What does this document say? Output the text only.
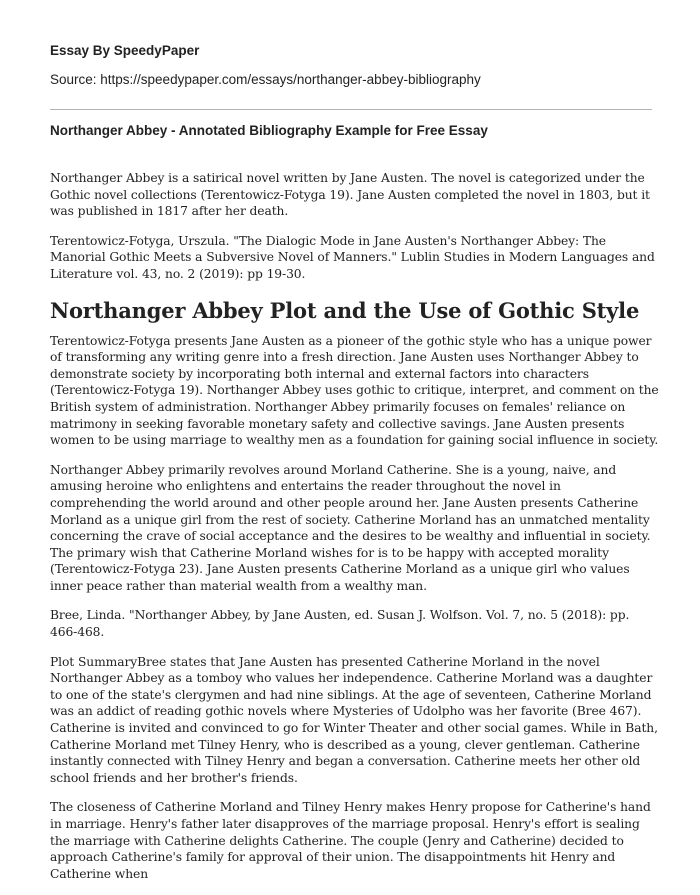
Essay By SpeedyPaper
Source: https://speedypaper.com/essays/northanger-abbey-bibliography
Northanger Abbey - Annotated Bibliography Example for Free Essay

Northanger Abbey is a satirical novel written by Jane Austen. The novel is categorized under the Gothic novel collections (Terentowicz-Fotyga 19). Jane Austen completed the novel in 1803, but it was published in 1817 after her death.

Terentowicz-Fotyga, Urszula. "The Dialogic Mode in Jane Austen's Northanger Abbey: The Manorial Gothic Meets a Subversive Novel of Manners." Lublin Studies in Modern Languages and Literature vol. 43, no. 2 (2019): pp 19-30.

Northanger Abbey Plot and the Use of Gothic Style

Terentowicz-Fotyga presents Jane Austen as a pioneer of the gothic style who has a unique power of transforming any writing genre into a fresh direction. Jane Austen uses Northanger Abbey to demonstrate society by incorporating both internal and external factors into characters (Terentowicz-Fotyga 19). Northanger Abbey uses gothic to critique, interpret, and comment on the British system of administration. Northanger Abbey primarily focuses on females' reliance on matrimony in seeking favorable monetary safety and collective savings. Jane Austen presents women to be using marriage to wealthy men as a foundation for gaining social influence in society.

Northanger Abbey primarily revolves around Morland Catherine. She is a young, naive, and amusing heroine who enlightens and entertains the reader throughout the novel in comprehending the world around and other people around her. Jane Austen presents Catherine Morland as a unique girl from the rest of society. Catherine Morland has an unmatched mentality concerning the crave of social acceptance and the desires to be wealthy and influential in society. The primary wish that Catherine Morland wishes for is to be happy with accepted morality (Terentowicz-Fotyga 23). Jane Austen presents Catherine Morland as a unique girl who values inner peace rather than material wealth from a wealthy man.

Bree, Linda. "Northanger Abbey, by Jane Austen, ed. Susan J. Wolfson. Vol. 7, no. 5 (2018): pp. 466-468.

Plot SummaryBree states that Jane Austen has presented Catherine Morland in the novel Northanger Abbey as a tomboy who values her independence. Catherine Morland was a daughter to one of the state's clergymen and had nine siblings. At the age of seventeen, Catherine Morland was an addict of reading gothic novels where Mysteries of Udolpho was her favorite (Bree 467). Catherine is invited and convinced to go for Winter Theater and other social games. While in Bath, Catherine Morland met Tilney Henry, who is described as a young, clever gentleman. Catherine instantly connected with Tilney Henry and began a conversation. Catherine meets her other old school friends and her brother's friends.

The closeness of Catherine Morland and Tilney Henry makes Henry propose for Catherine's hand in marriage. Henry's father later disapproves of the marriage proposal. Henry's effort is sealing the marriage with Catherine delights Catherine. The couple (Jenry and Catherine) decided to approach Catherine's family for approval of their union. The disappointments hit Henry and Catherine when
